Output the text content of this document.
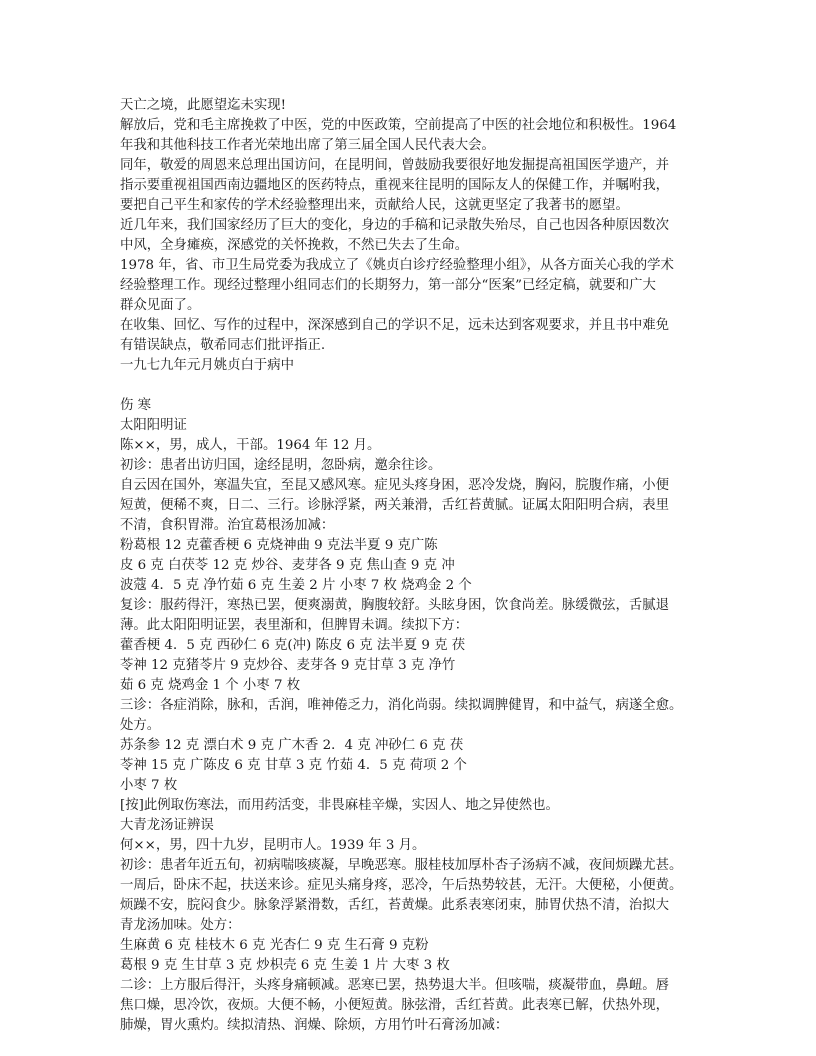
天亡之境，此愿望迄未实现!
解放后，党和毛主席挽救了中医，党的中医政策，空前提高了中医的社会地位和积极性。1964
年我和其他科技工作者光荣地出席了第三届全国人民代表大会。
同年，敬爱的周恩来总理出国访问，在昆明间，曾鼓励我要很好地发掘提高祖国医学遗产，并
指示要重视祖国西南边疆地区的医药特点，重视来往昆明的国际友人的保健工作，并嘱咐我，
要把自己平生和家传的学术经验整理出来，贡献给人民，这就更坚定了我著书的愿望。
近几年来，我们国家经历了巨大的变化，身边的手稿和记录散失殆尽，自己也因各种原因数次
中风，全身瘫痪，深感党的关怀挽救，不然已失去了生命。
1978 年，省、市卫生局党委为我成立了《姚贞白诊疗经验整理小组》，从各方面关心我的学术
经验整理工作。现经过整理小组同志们的长期努力，第一部分“医案”已经定稿，就要和广大
群众见面了。
在收集、回忆、写作的过程中，深深感到自己的学识不足，远未达到客观要求，并且书中难免
有错误缺点，敬希同志们批评指正.
一九七九年元月姚贞白于病中
伤 寒
太阳阳明证
陈××，男，成人，干部。1964 年 12 月。
初诊：患者出访归国，途经昆明，忽卧病，邀余往诊。
自云因在国外，寒温失宜，至昆又感风寒。症见头疼身困，恶冷发烧，胸闷，脘腹作痛，小便
短黄，便稀不爽，日二、三行。诊脉浮紧，两关兼滑，舌红苔黄腻。证属太阳阳明合病，表里
不清，食积胃滞。治宜葛根汤加减：
粉葛根 12 克藿香梗 6 克烧神曲 9 克法半夏 9 克广陈
皮 6 克 白茯苓 12 克 炒谷、麦芽各 9 克 焦山查 9 克 冲
波蔻 4．5 克 净竹茹 6 克 生姜 2 片 小枣 7 枚 烧鸡金 2 个
复诊：服药得汗，寒热已罢，便爽溺黄，胸腹较舒。头眩身困，饮食尚差。脉缓微弦，舌腻退
薄。此太阳阳明证罢，表里渐和，但脾胃未调。续拟下方：
藿香梗 4．5 克 西砂仁 6 克(冲) 陈皮 6 克 法半夏 9 克 茯
苓神 12 克猪苓片 9 克炒谷、麦芽各 9 克甘草 3 克 净竹
茹 6 克 烧鸡金 1 个 小枣 7 枚
三诊：各症消除，脉和，舌润，唯神倦乏力，消化尚弱。续拟调脾健胃，和中益气，病遂全愈。
处方。
苏条参 12 克 漂白术 9 克 广木香 2．4 克 冲砂仁 6 克 茯
苓神 15 克 广陈皮 6 克 甘草 3 克 竹茹 4．5 克 荷项 2 个
小枣 7 枚
[按]此例取伤寒法，而用药活变，非畏麻桂辛燥，实因人、地之异使然也。
大青龙汤证辨误
何××，男，四十九岁，昆明市人。1939 年 3 月。
初诊：患者年近五旬，初病喘咳痰凝，早晚恶寒。服桂枝加厚朴杏子汤病不减，夜间烦躁尤甚。
一周后，卧床不起，扶送来诊。症见头痛身疼，恶冷，午后热势较甚，无汗。大便秘，小便黄。
烦躁不安，脘闷食少。脉象浮紧滑数，舌红，苔黄燥。此系表寒闭束，肺胃伏热不清，治拟大
青龙汤加味。处方：
生麻黄 6 克 桂枝木 6 克 光杏仁 9 克 生石膏 9 克粉
葛根 9 克 生甘草 3 克 炒枳壳 6 克 生姜 1 片 大枣 3 枚
二诊：上方服后得汗，头疼身痛顿减。恶寒已罢，热势退大半。但咳喘，痰凝带血，鼻衄。唇
焦口燥，思冷饮，夜烦。大便不畅，小便短黄。脉弦滑，舌红苔黄。此表寒已解，伏热外现，
肺燥，胃火熏灼。续拟清热、润燥、除烦，方用竹叶石膏汤加减：
